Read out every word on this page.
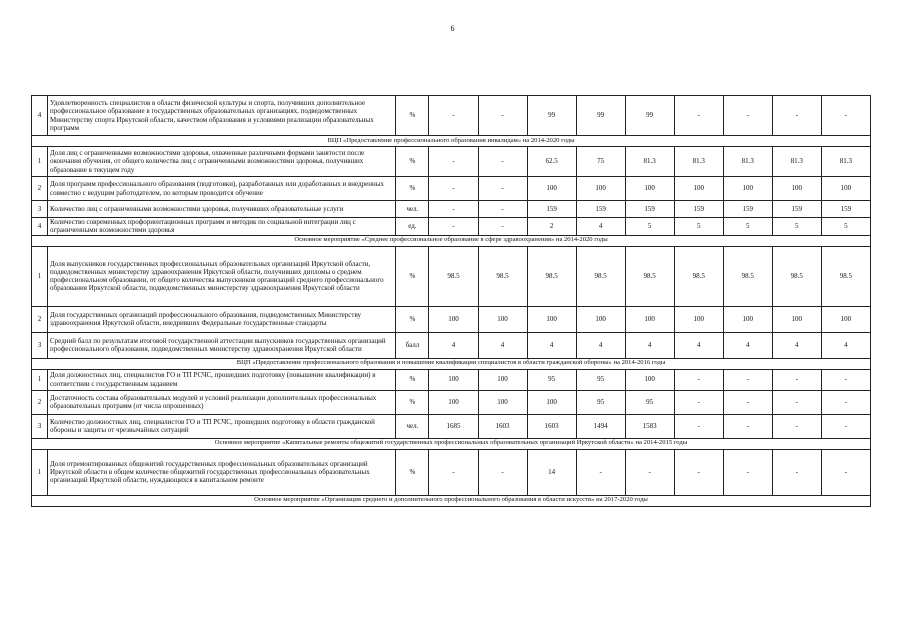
6
4	Удовлетворенность специалистов в области физической культуры и спорта, получивших дополнительное профессиональное образование в государственных образовательных организациях, подведомственных Министерству спорта Иркутской области, качеством образования и условиями реализации образовательных программ	%	-	-	99	99	99	-	-	-	-
ВЦП «Предоставление профессионального образования инвалидам» на 2014-2020 годы											
1	Доля лиц с ограниченными возможностями здоровья, охваченные различными формами занятости после окончания обучения, от общего количества лиц с ограниченными возможностями здоровья, получивших образование в текущем году	%	-	-	62.5	75	81.3	81.3	81.3	81.3	81.3
2	Доля программ профессионального образования (подготовки), разработанных или доработанных и внедренных совместно с ведущим работодателем, по которым проводится обучение	%	-	-	100	100	100	100	100	100	100
3	Количество лиц с ограниченными возможностями здоровья, получивших образовательные услуги	чел.	-	-	159	159	159	159	159	159	159
4	Количество современных профориентационных программ и методик по социальной интеграции лиц с ограниченными возможностями здоровья	ед.	-	-	2	4	5	5	5	5	5
Основное мероприятие «Среднее профессиональное образование в сфере здравоохранения» на 2014-2020 годы											
1	Доля выпускников государственных профессиональных образовательных организаций Иркутской области, подведомственных министерству здравоохранения Иркутской области, получивших дипломы о среднем профессиональном образовании, от общего количества выпускников организаций среднего профессионального образования Иркутской области, подведомственных министерству здравоохранения Иркутской области	%	98.5	98.5	98.5	98.5	98.5	98.5	98.5	98.5	98.5
2	Доля государственных организаций профессионального образования, подведомственных Министерству здравоохранения Иркутской области, внедривших Федеральные государственные стандарты	%	100	100	100	100	100	100	100	100	100
3	Средний балл по результатам итоговой государственной аттестации выпускников государственных организаций профессионального образования, подведомственных министерству здравоохранения Иркутской области	балл	4	4	4	4	4	4	4	4	4
ВЦП «Предоставление профессионального образования и повышение квалификации специалистов в области гражданской обороны» на 2014-2016 годы											
1	Доля должностных лиц, специалистов ГО и ТП РСЧС, прошедших подготовку (повышение квалификации) в соответствии с государственным заданием	%	100	100	95	95	100	-	-	-	-
2	Достаточность состава образовательных модулей и условий реализации дополнительных профессиональных образовательных программ (от числа опрошенных)	%	100	100	100	95	95	-	-	-	-
3	Количество должностных лиц, специалистов ГО и ТП РСЧС, прошедших подготовку в области гражданской обороны и защиты от чрезвычайных ситуаций	чел.	1685	1603	1603	1494	1583	-	-	-	-
Основное мероприятие «Капитальные ремонты общежитий государственных профессиональных образовательных организаций Иркутской области» на 2014-2015 годы											
1	Доля отремонтированных общежитий государственных профессиональных образовательных организаций Иркутской области в общем количестве общежитий государственных профессиональных образовательных организаций Иркутской области, нуждающихся в капитальном ремонте	%	-	-	14	-	-	-	-	-	-
Основное мероприятие «Организация среднего и дополнительного профессионального образования в области искусств» на 2017-2020 годы											
